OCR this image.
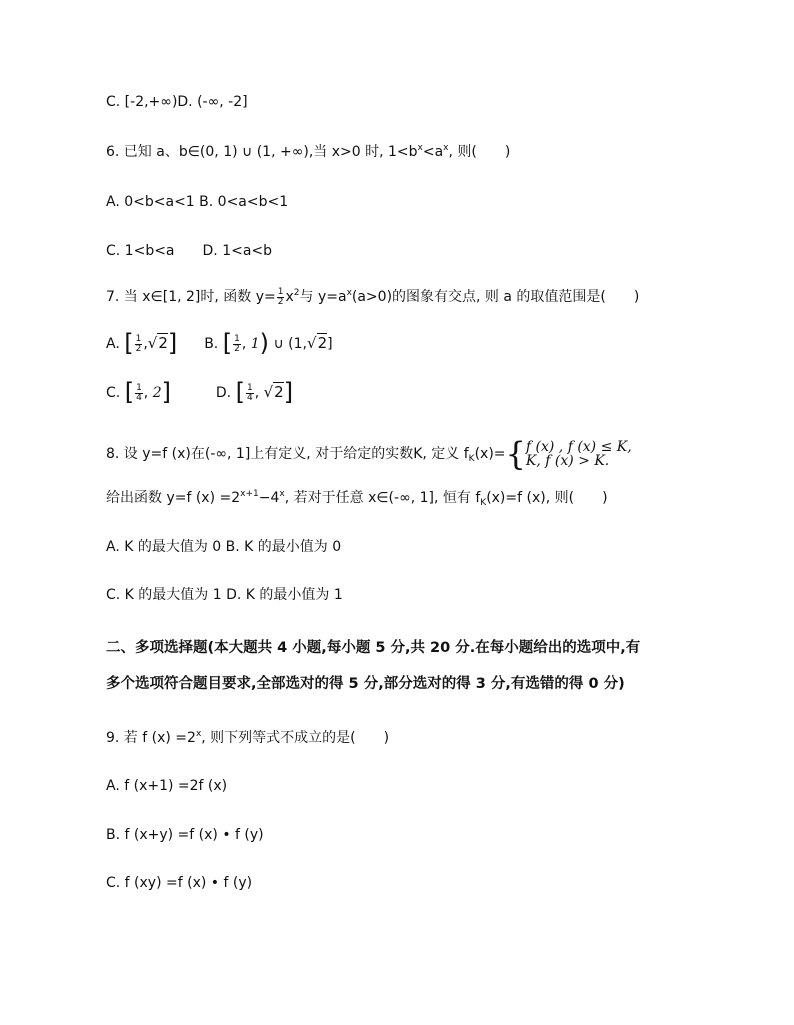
C. [-2,+∞)D. (-∞, -2]
6. 已知 a、b∈(0, 1) ∪ (1, +∞),当 x>0 时, $1<b^x<a^x$, 则(　　)
A. 0<b<a<1 B. 0<a<b<1
C. 1<b<a　　D. 1<a<b
7. 当 x∈[1, 2]时, 函数 $y= \frac{1}{2} x^2$与 $y=a^x(a>0)$的图象有交点, 则 a 的取值范围是(　　)
A. [ $\frac{1}{2} ,√2$] B. [ $\frac{1}{2}$ , 1) ∪ (1,√2]
C. [ $\frac{1}{4}$ , 2]	D. [ $\frac{1}{4}$ , √2]
8. 设 y=f (x)在(-∞, 1]上有定义, 对于给定的实数K, 定义 $f_K(x)=${ f (x) , f (x) ≤ K,
K, f (x) > K.
给出函数 y=f $(x) =2^{x+1}-4^x$, 若对于任意 x∈(-∞, 1], 恒有 $f_K(x)=f$ (x), 则(　　)
A. K 的最大值为 0 B. K 的最小值为 0
C. K 的最大值为 1 D. K 的最小值为 1
二、多项选择题(本大题共 4 小题,每小题 5 分,共 20 分.在每小题给出的选项中,有
多个选项符合题目要求,全部选对的得 5 分,部分选对的得 3 分,有选错的得 0 分)
9. 若 f $(x) =2^x$, 则下列等式不成立的是(　　)
A. f (x+1) =2f (x)
B. f (x+y) =f (x) • f (y)
C. f (xy) =f (x) • f (y)
